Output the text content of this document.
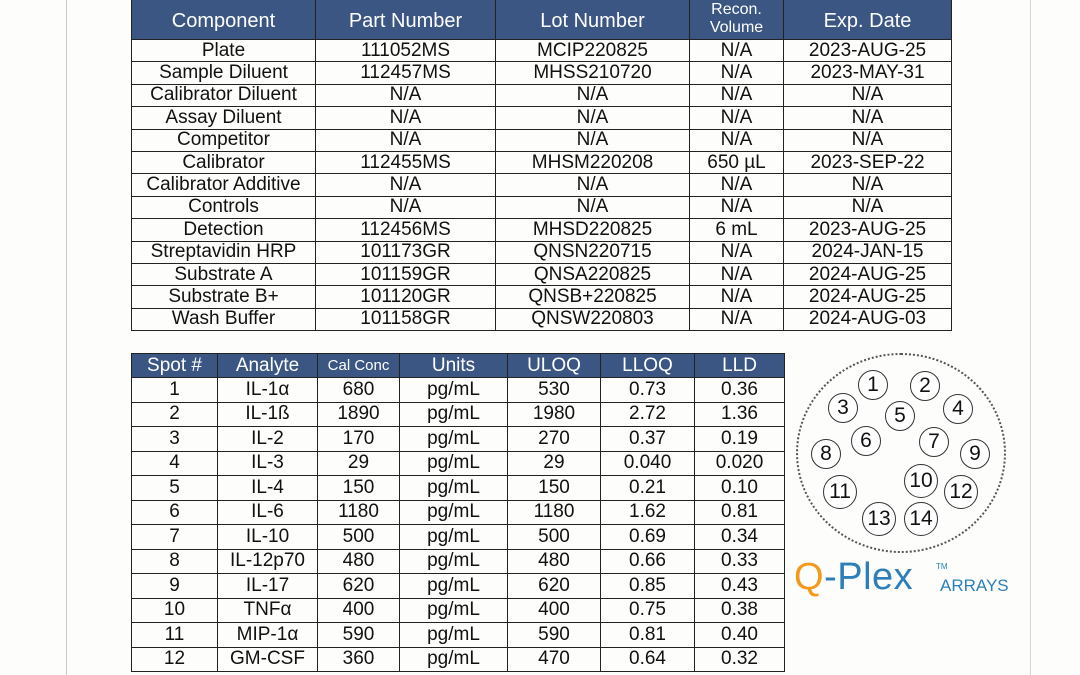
Component	Part Number	Lot Number	Recon. Volume	Exp. Date
Plate	111052MS	MCIP220825	N/A	2023-AUG-25
Sample Diluent	112457MS	MHSS210720	N/A	2023-MAY-31
Calibrator Diluent	N/A	N/A	N/A	N/A
Assay Diluent	N/A	N/A	N/A	N/A
Competitor	N/A	N/A	N/A	N/A
Calibrator	112455MS	MHSM220208	650 µL	2023-SEP-22
Calibrator Additive	N/A	N/A	N/A	N/A
Controls	N/A	N/A	N/A	N/A
Detection	112456MS	MHSD220825	6 mL	2023-AUG-25
Streptavidin HRP	101173GR	QNSN220715	N/A	2024-JAN-15
Substrate A	101159GR	QNSA220825	N/A	2024-AUG-25
Substrate B+	101120GR	QNSB+220825	N/A	2024-AUG-25
Wash Buffer	101158GR	QNSW220803	N/A	2024-AUG-03
Spot #	Analyte	Cal Conc	Units	ULOQ	LLOQ	LLD
1	IL-1α	680	pg/mL	530	0.73	0.36
2	IL-1ß	1890	pg/mL	1980	2.72	1.36
3	IL-2	170	pg/mL	270	0.37	0.19
4	IL-3	29	pg/mL	29	0.040	0.020
5	IL-4	150	pg/mL	150	0.21	0.10
6	IL-6	1180	pg/mL	1180	1.62	0.81
7	IL-10	500	pg/mL	500	0.69	0.34
8	IL-12p70	480	pg/mL	480	0.66	0.33
9	IL-17	620	pg/mL	620	0.85	0.43
10	TNFα	400	pg/mL	400	0.75	0.38
11	MIP-1α	590	pg/mL	590	0.81	0.40
12	GM-CSF	360	pg/mL	470	0.64	0.32
1	2
3	4
5
6	7
8	9
10
11	12
13 14
Q-Plex	TM
ARRAYS
